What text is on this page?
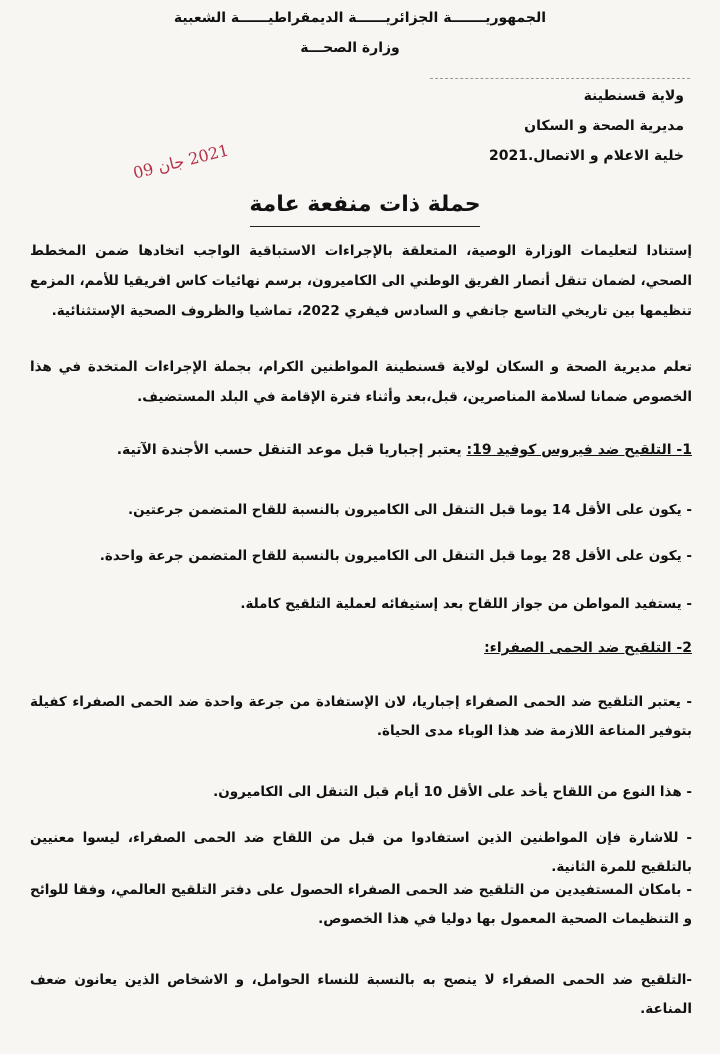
الجمهوريـــــــة الجزائريــــــة الديمقراطيــــــة الشعبية
وزارة الصحـــة
ولاية قسنطينة
مديرية الصحة و السكان
خلية الاعلام و الاتصال.2021
2021 جان 09
حملة ذات منفعة عامة
إستنادا لتعليمات الوزارة الوصية، المتعلقة بالإجراءات الاستباقية الواجب اتخادها ضمن المخطط الصحي، لضمان تنقل أنصار الفريق الوطني الى الكاميرون، برسم نهائيات كاس افريقيا للأمم، المزمع تنظيمها بين تاريخي التاسع جانفي و السادس فيفري 2022، تماشيا والظروف الصحية الإستثنائية.
تعلم مديرية الصحة و السكان لولاية قسنطينة المواطنين الكرام، بجملة الإجراءات المتخدة في هذا الخصوص ضمانا لسلامة المناصرين، قبل،بعد وأثناء فترة الإقامة في البلد المستضيف.
1- التلقيح ضد فيروس كوفيد 19: يعتبر إجباريا قبل موعد التنقل حسب الأجندة الآتية.
- يكون على الأقل 14 يوما قبل التنقل الى الكاميرون بالنسبة للقاح المتضمن جرعتين.
- يكون على الأقل 28 يوما قبل التنقل الى الكاميرون بالنسبة للقاح المتضمن جرعة واحدة.
- يستفيد المواطن من جواز اللقاح بعد إستيفائه لعملية التلقيح كاملة.
2- التلقيح ضد الحمى الصفراء:
- يعتبر التلقيح ضد الحمى الصفراء إجباريا، لان الإستفادة من جرعة واحدة ضد الحمى الصفراء كفيلة بتوفير المناعة اللازمة ضد هذا الوباء مدى الحياة.
- هذا النوع من اللقاح يأخد على الأقل 10 أيام قبل التنقل الى الكاميرون.
- للاشارة فإن المواطنين الذين استفادوا من قبل من اللقاح ضد الحمى الصفراء، ليسوا معنيين بالتلقيح للمرة الثانية.
- بامكان المستفيدين من التلقيح ضد الحمى الصفراء الحصول على دفتر التلقيح العالمي، وفقا للوائح و التنظيمات الصحية المعمول بها دوليا في هذا الخصوص.
-التلقيح ضد الحمى الصفراء لا ينصح به بالنسبة للنساء الحوامل، و الاشخاص الذين يعانون ضعف المناعة.
